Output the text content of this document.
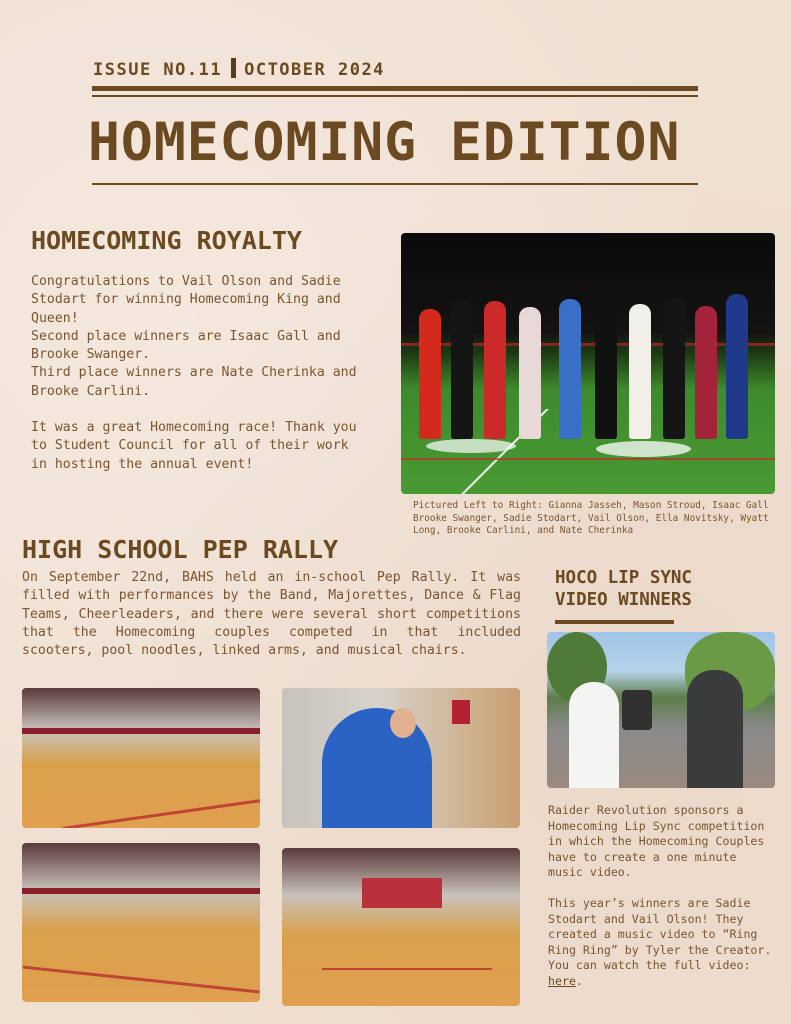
ISSUE NO.11 OCTOBER 2024
HOMECOMING EDITION
HOMECOMING ROYALTY

Congratulations to Vail Olson and Sadie Stodart for winning Homecoming King and Queen!
Second place winners are Isaac Gall and Brooke Swanger.
Third place winners are Nate Cherinka and Brooke Carlini.

It was a great Homecoming race! Thank you to Student Council for all of their work in hosting the annual event!

Pictured Left to Right: Gianna Jasseh, Mason Stroud, Isaac Gall Brooke Swanger, Sadie Stodart, Vail Olson, Ella Novitsky, Wyatt Long, Brooke Carlini, and Nate Cherinka
HIGH SCHOOL PEP RALLY
On September 22nd, BAHS held an in-school Pep Rally. It was filled with performances by the Band, Majorettes, Dance & Flag Teams, Cheerleaders, and there were several short competitions that the Homecoming couples competed in that included scooters, pool noodles, linked arms, and musical chairs.
HOCO LIP SYNC
VIDEO WINNERS

Raider Revolution sponsors a Homecoming Lip Sync competition in which the Homecoming Couples have to create a one minute music video.

This year’s winners are Sadie Stodart and Vail Olson! They created a music video to “Ring Ring Ring” by Tyler the Creator. You can watch the full video: here.
